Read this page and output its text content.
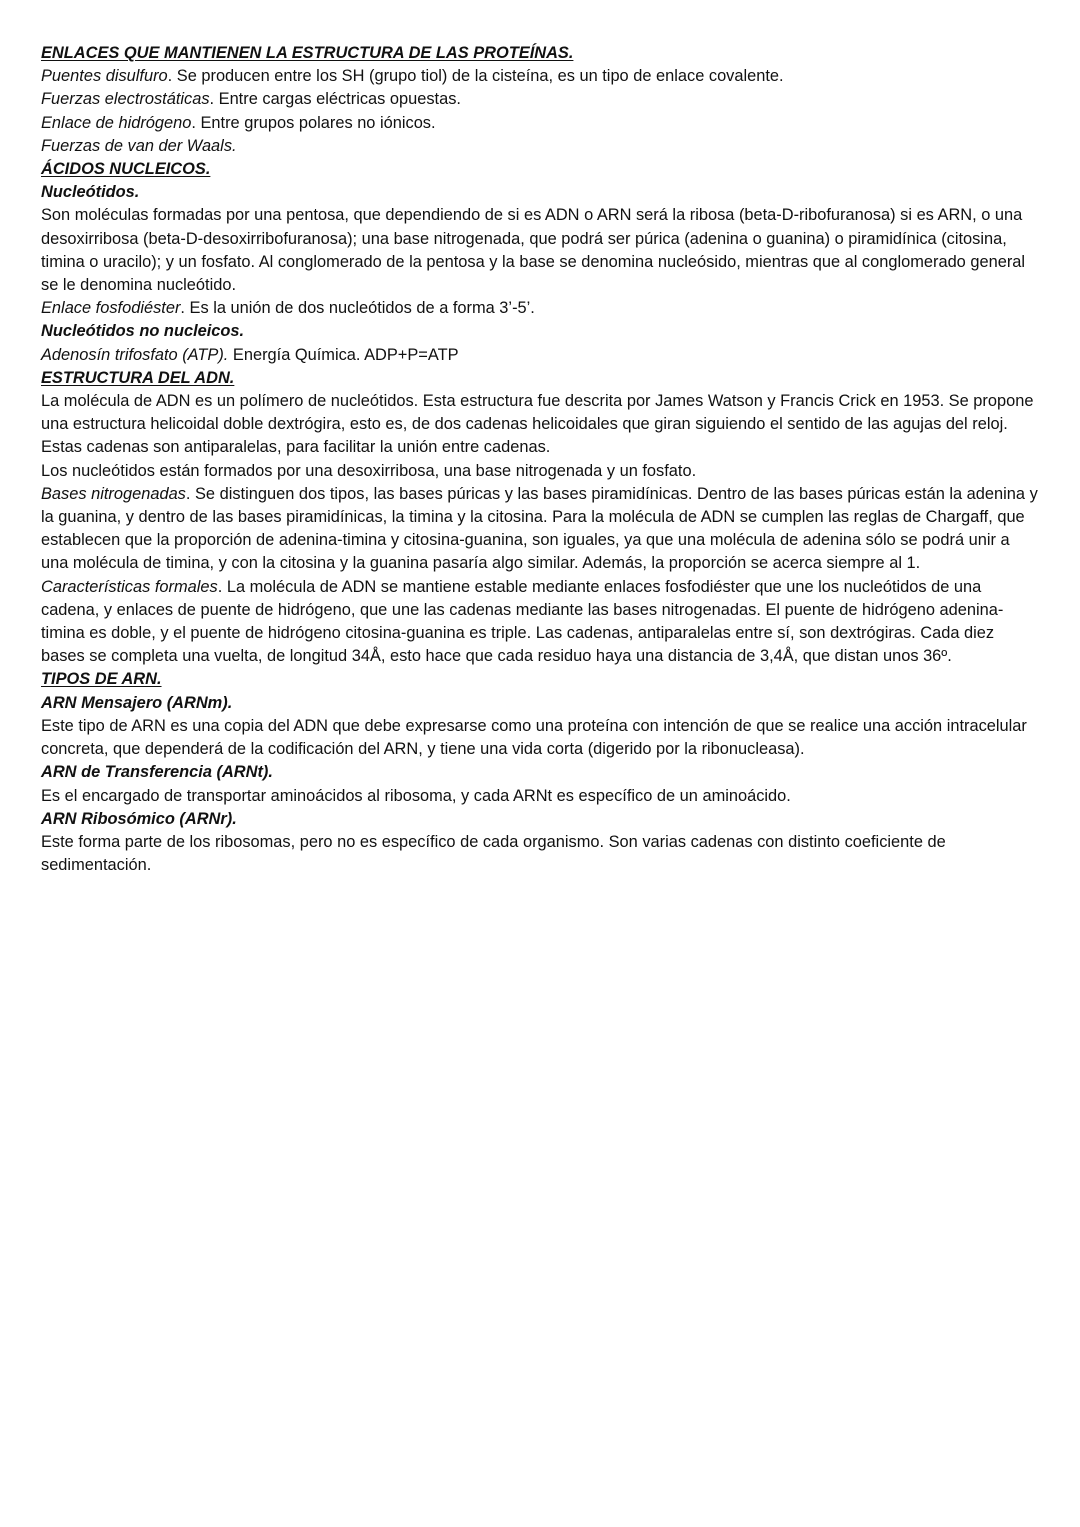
ENLACES QUE MANTIENEN LA ESTRUCTURA DE LAS PROTEÍNAS.

Puentes disulfuro. Se producen entre los SH (grupo tiol) de la cisteína, es un tipo de enlace covalente.

Fuerzas electrostáticas. Entre cargas eléctricas opuestas.

Enlace de hidrógeno. Entre grupos polares no iónicos.

Fuerzas de van der Waals.

ÁCIDOS NUCLEICOS.

Nucleótidos.

Son moléculas formadas por una pentosa, que dependiendo de si es ADN o ARN será la ribosa (beta-D-ribofuranosa) si es ARN, o una desoxirribosa (beta-D-desoxirribofuranosa); una base nitrogenada, que podrá ser púrica (adenina o guanina) o piramidínica (citosina, timina o uracilo); y un fosfato. Al conglomerado de la pentosa y la base se denomina nucleósido, mientras que al conglomerado general se le denomina nucleótido.

Enlace fosfodiéster. Es la unión de dos nucleótidos de a forma 3’-5’.

Nucleótidos no nucleicos.

Adenosín trifosfato (ATP). Energía Química. ADP+P=ATP

ESTRUCTURA DEL ADN.

La molécula de ADN es un polímero de nucleótidos. Esta estructura fue descrita por James Watson y Francis Crick en 1953. Se propone una estructura helicoidal doble dextrógira, esto es, de dos cadenas helicoidales que giran siguiendo el sentido de las agujas del reloj. Estas cadenas son antiparalelas, para facilitar la unión entre cadenas.

Los nucleótidos están formados por una desoxirribosa, una base nitrogenada y un fosfato.

Bases nitrogenadas. Se distinguen dos tipos, las bases púricas y las bases piramidínicas. Dentro de las bases púricas están la adenina y la guanina, y dentro de las bases piramidínicas, la timina y la citosina. Para la molécula de ADN se cumplen las reglas de Chargaff, que establecen que la proporción de adenina-timina y citosina-guanina, son iguales, ya que una molécula de adenina sólo se podrá unir a una molécula de timina, y con la citosina y la guanina pasaría algo similar. Además, la proporción se acerca siempre al 1.

Características formales. La molécula de ADN se mantiene estable mediante enlaces fosfodiéster que une los nucleótidos de una cadena, y enlaces de puente de hidrógeno, que une las cadenas mediante las bases nitrogenadas. El puente de hidrógeno adenina-timina es doble, y el puente de hidrógeno citosina-guanina es triple. Las cadenas, antiparalelas entre sí, son dextrógiras. Cada diez bases se completa una vuelta, de longitud 34Å, esto hace que cada residuo haya una distancia de 3,4Å, que distan unos 36º.

TIPOS DE ARN.

ARN Mensajero (ARNm).

Este tipo de ARN es una copia del ADN que debe expresarse como una proteína con intención de que se realice una acción intracelular concreta, que dependerá de la codificación del ARN, y tiene una vida corta (digerido por la ribonucleasa).

ARN de Transferencia (ARNt).

Es el encargado de transportar aminoácidos al ribosoma, y cada ARNt es específico de un aminoácido.

ARN Ribosómico (ARNr).

Este forma parte de los ribosomas, pero no es específico de cada organismo. Son varias cadenas con distinto coeficiente de sedimentación.
